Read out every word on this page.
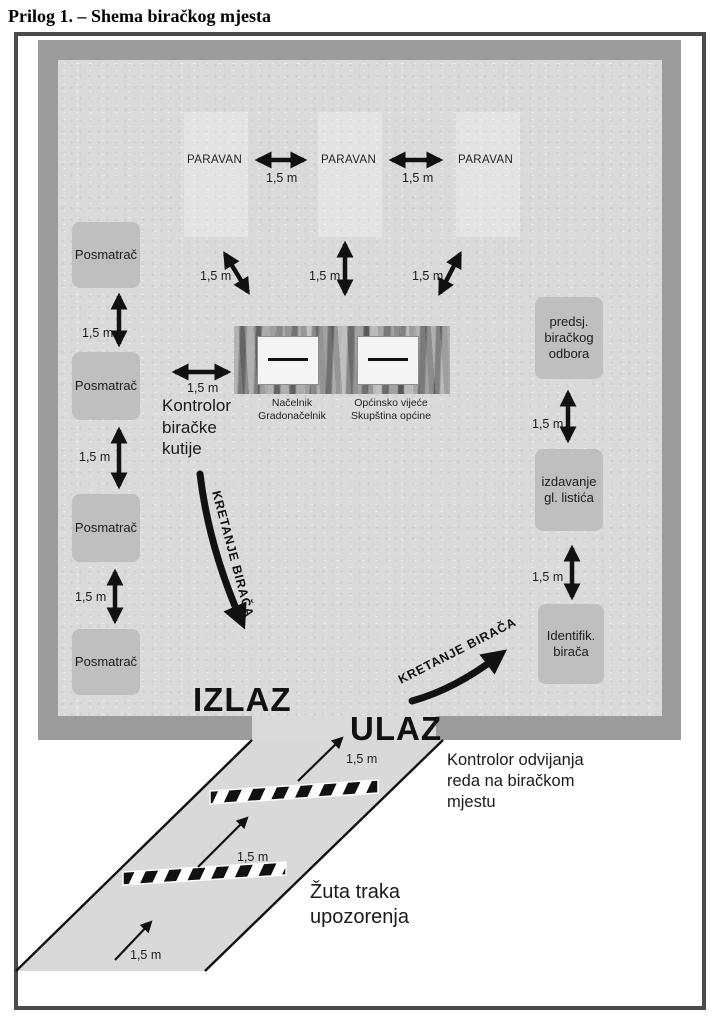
Prilog 1. – Shema biračkog mjesta
PARAVAN	PARAVAN	PARAVAN
1,5 m	1,5 m
1,5 m	1,5 m	1,5 m
Posmatrač
Posmatrač
Posmatrač
Posmatrač
1,5 m
1,5 m
1,5 m
predsj.
biračkog
odbora
izdavanje
gl. listića
Identifik.
birača
1,5 m
1,5 m
Načelnik
Gradonačelnik
Općinsko vijeće
Skupština općine
1,5 m
Kontrolor
biračke
kutije
KRETANJE BIRAČA
KRETANJE BIRAČA
IZLAZ
ULAZ
1,5 m
1,5 m
1,5 m
Kontrolor odvijanja
reda na biračkom
mjestu
Žuta traka
upozorenja
